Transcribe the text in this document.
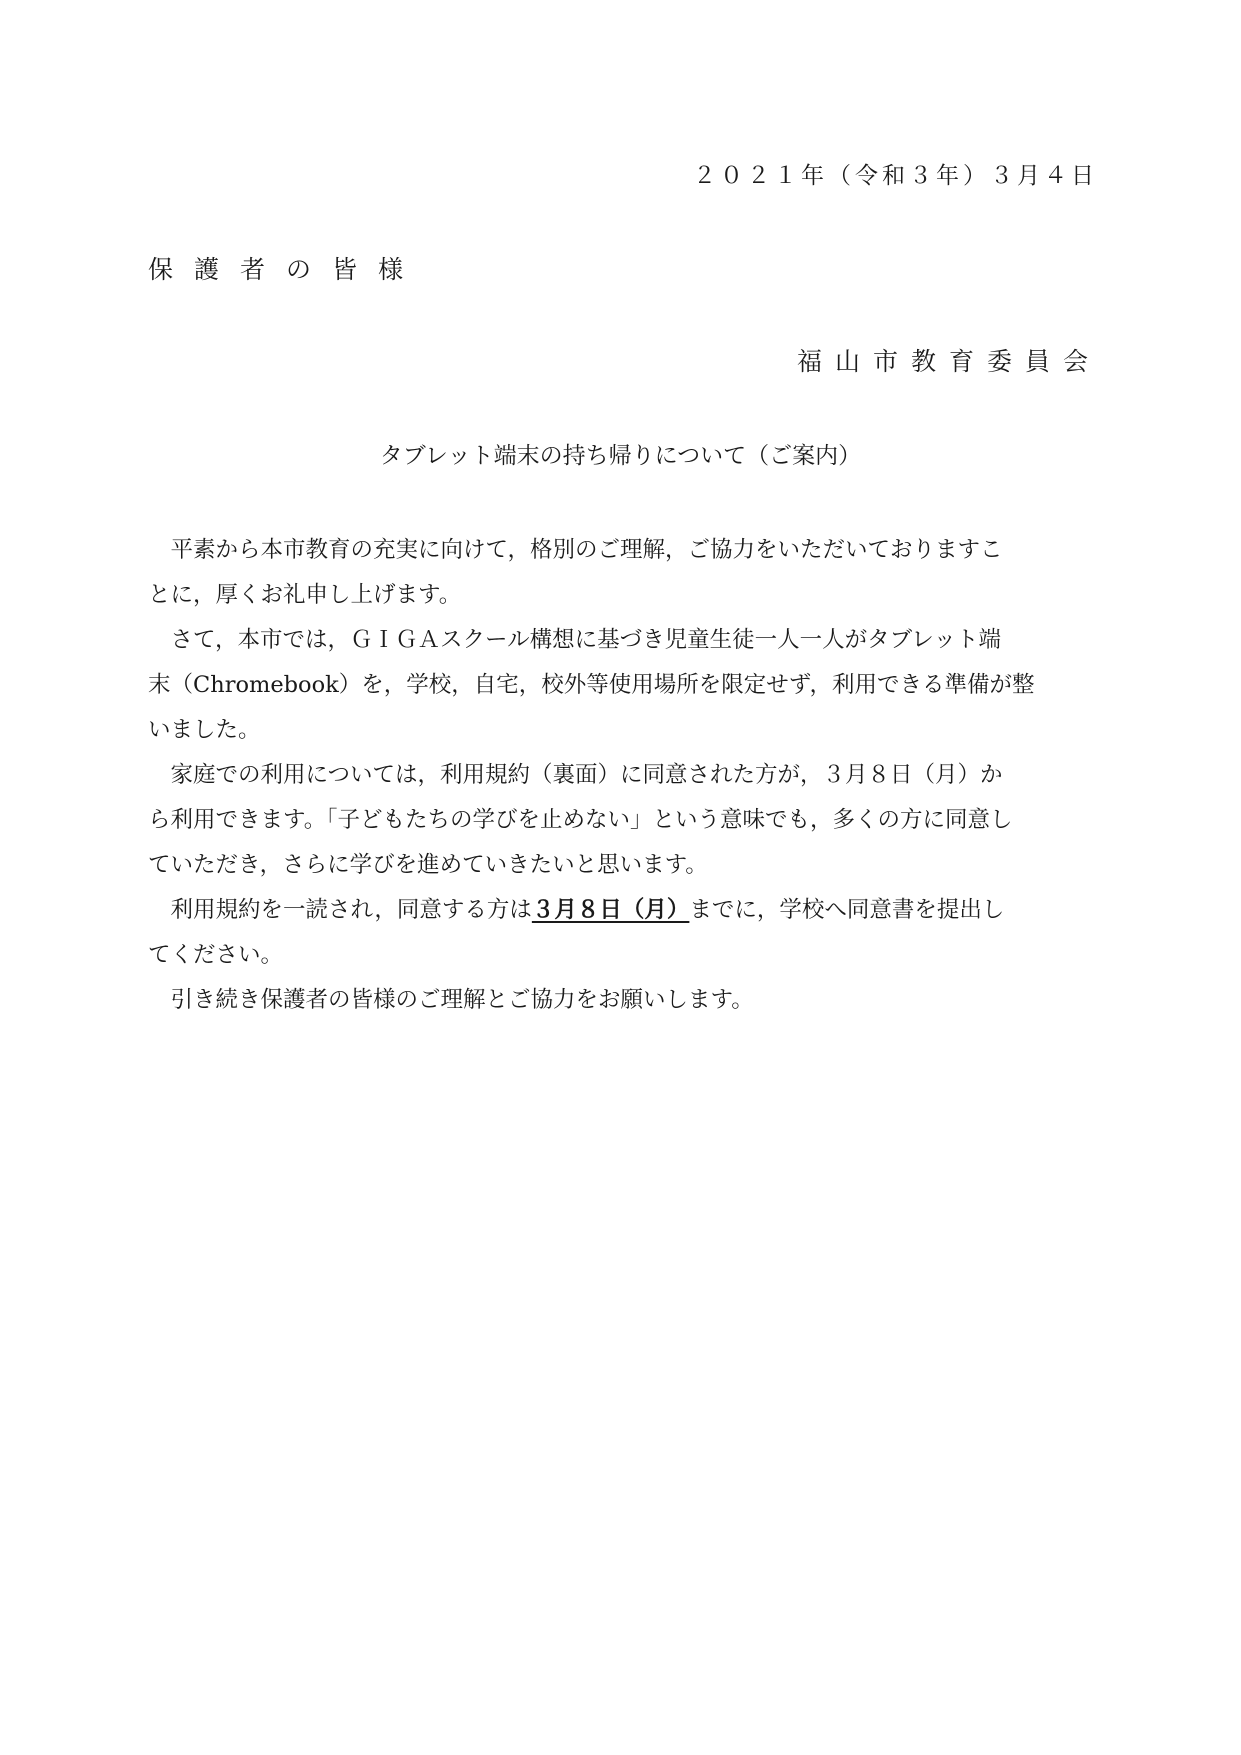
２０２１年（令和３年）３月４日
保護者の皆様
福山市教育委員会
タブレット端末の持ち帰りについて（ご案内）
平素から本市教育の充実に向けて，格別のご理解，ご協力をいただいておりますこ
とに，厚くお礼申し上げます。
さて，本市では，ＧＩＧＡスクール構想に基づき児童生徒一人一人がタブレット端
末（Chromebook）を，学校，自宅，校外等使用場所を限定せず，利用できる準備が整
いました。
家庭での利用については，利用規約（裏面）に同意された方が，３月８日（月）か
ら利用できます。「子どもたちの学びを止めない」という意味でも，多くの方に同意し
ていただき，さらに学びを進めていきたいと思います。
利用規約を一読され，同意する方は３月８日（月）までに，学校へ同意書を提出し
てください。
引き続き保護者の皆様のご理解とご協力をお願いします。
